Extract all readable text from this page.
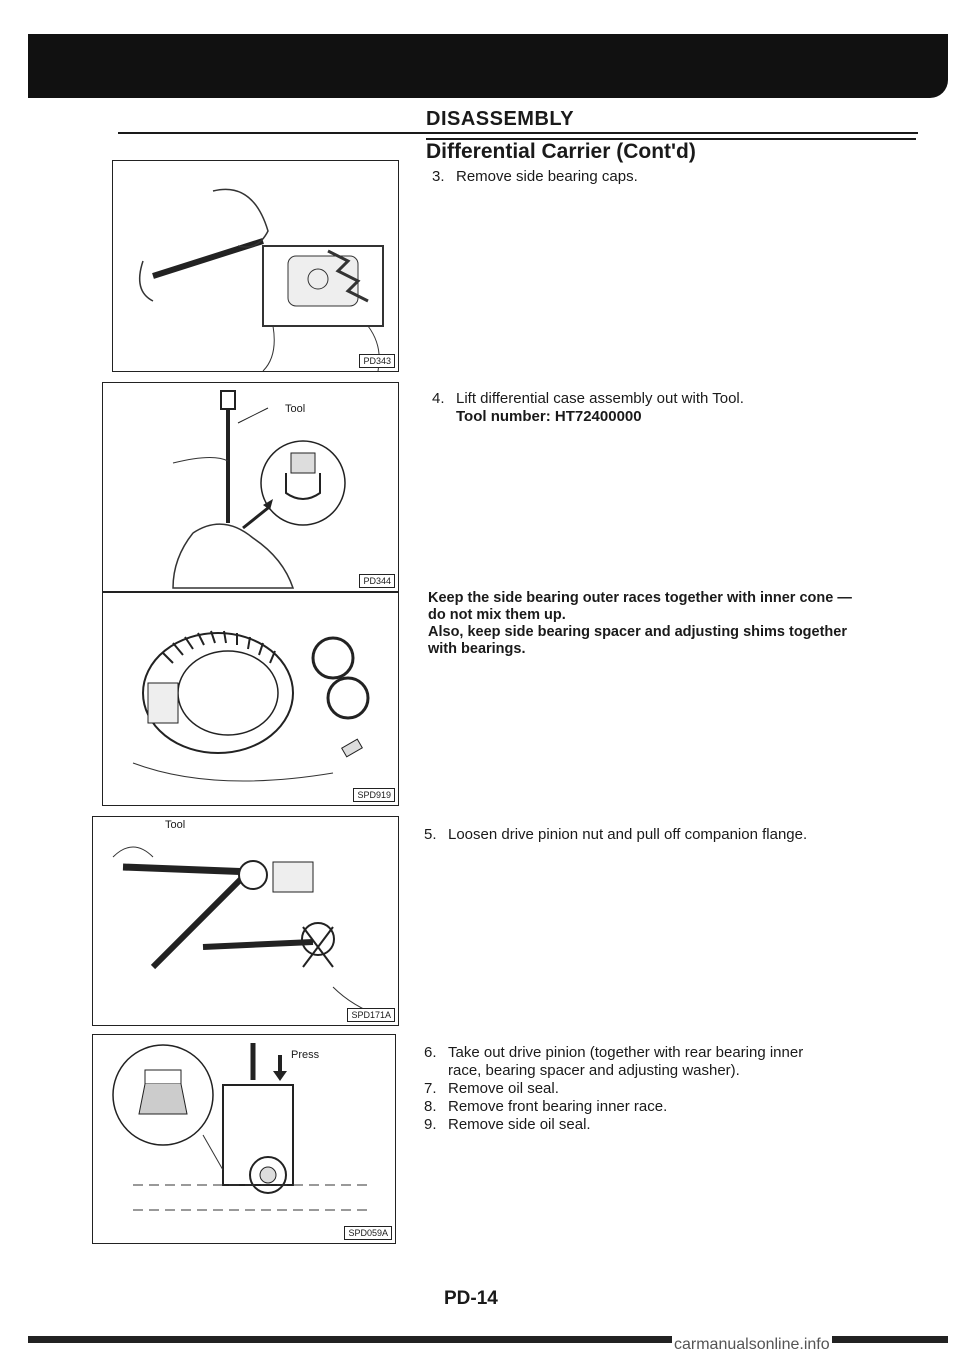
DISASSEMBLY
Differential Carrier (Cont'd)
PD343
Tool
PD344
SPD919
Tool
SPD171A
Press
SPD059A
3. Remove side bearing caps.
4. Lift differential case assembly out with Tool.
Tool number: HT72400000
Keep the side bearing outer races together with inner cone —
do not mix them up.
Also, keep side bearing spacer and adjusting shims together
with bearings.
5. Loosen drive pinion nut and pull off companion flange.
6. Take out drive pinion (together with rear bearing inner
race, bearing spacer and adjusting washer).
7. Remove oil seal.
8. Remove front bearing inner race.
9. Remove side oil seal.
PD-14
carmanualsonline.info
